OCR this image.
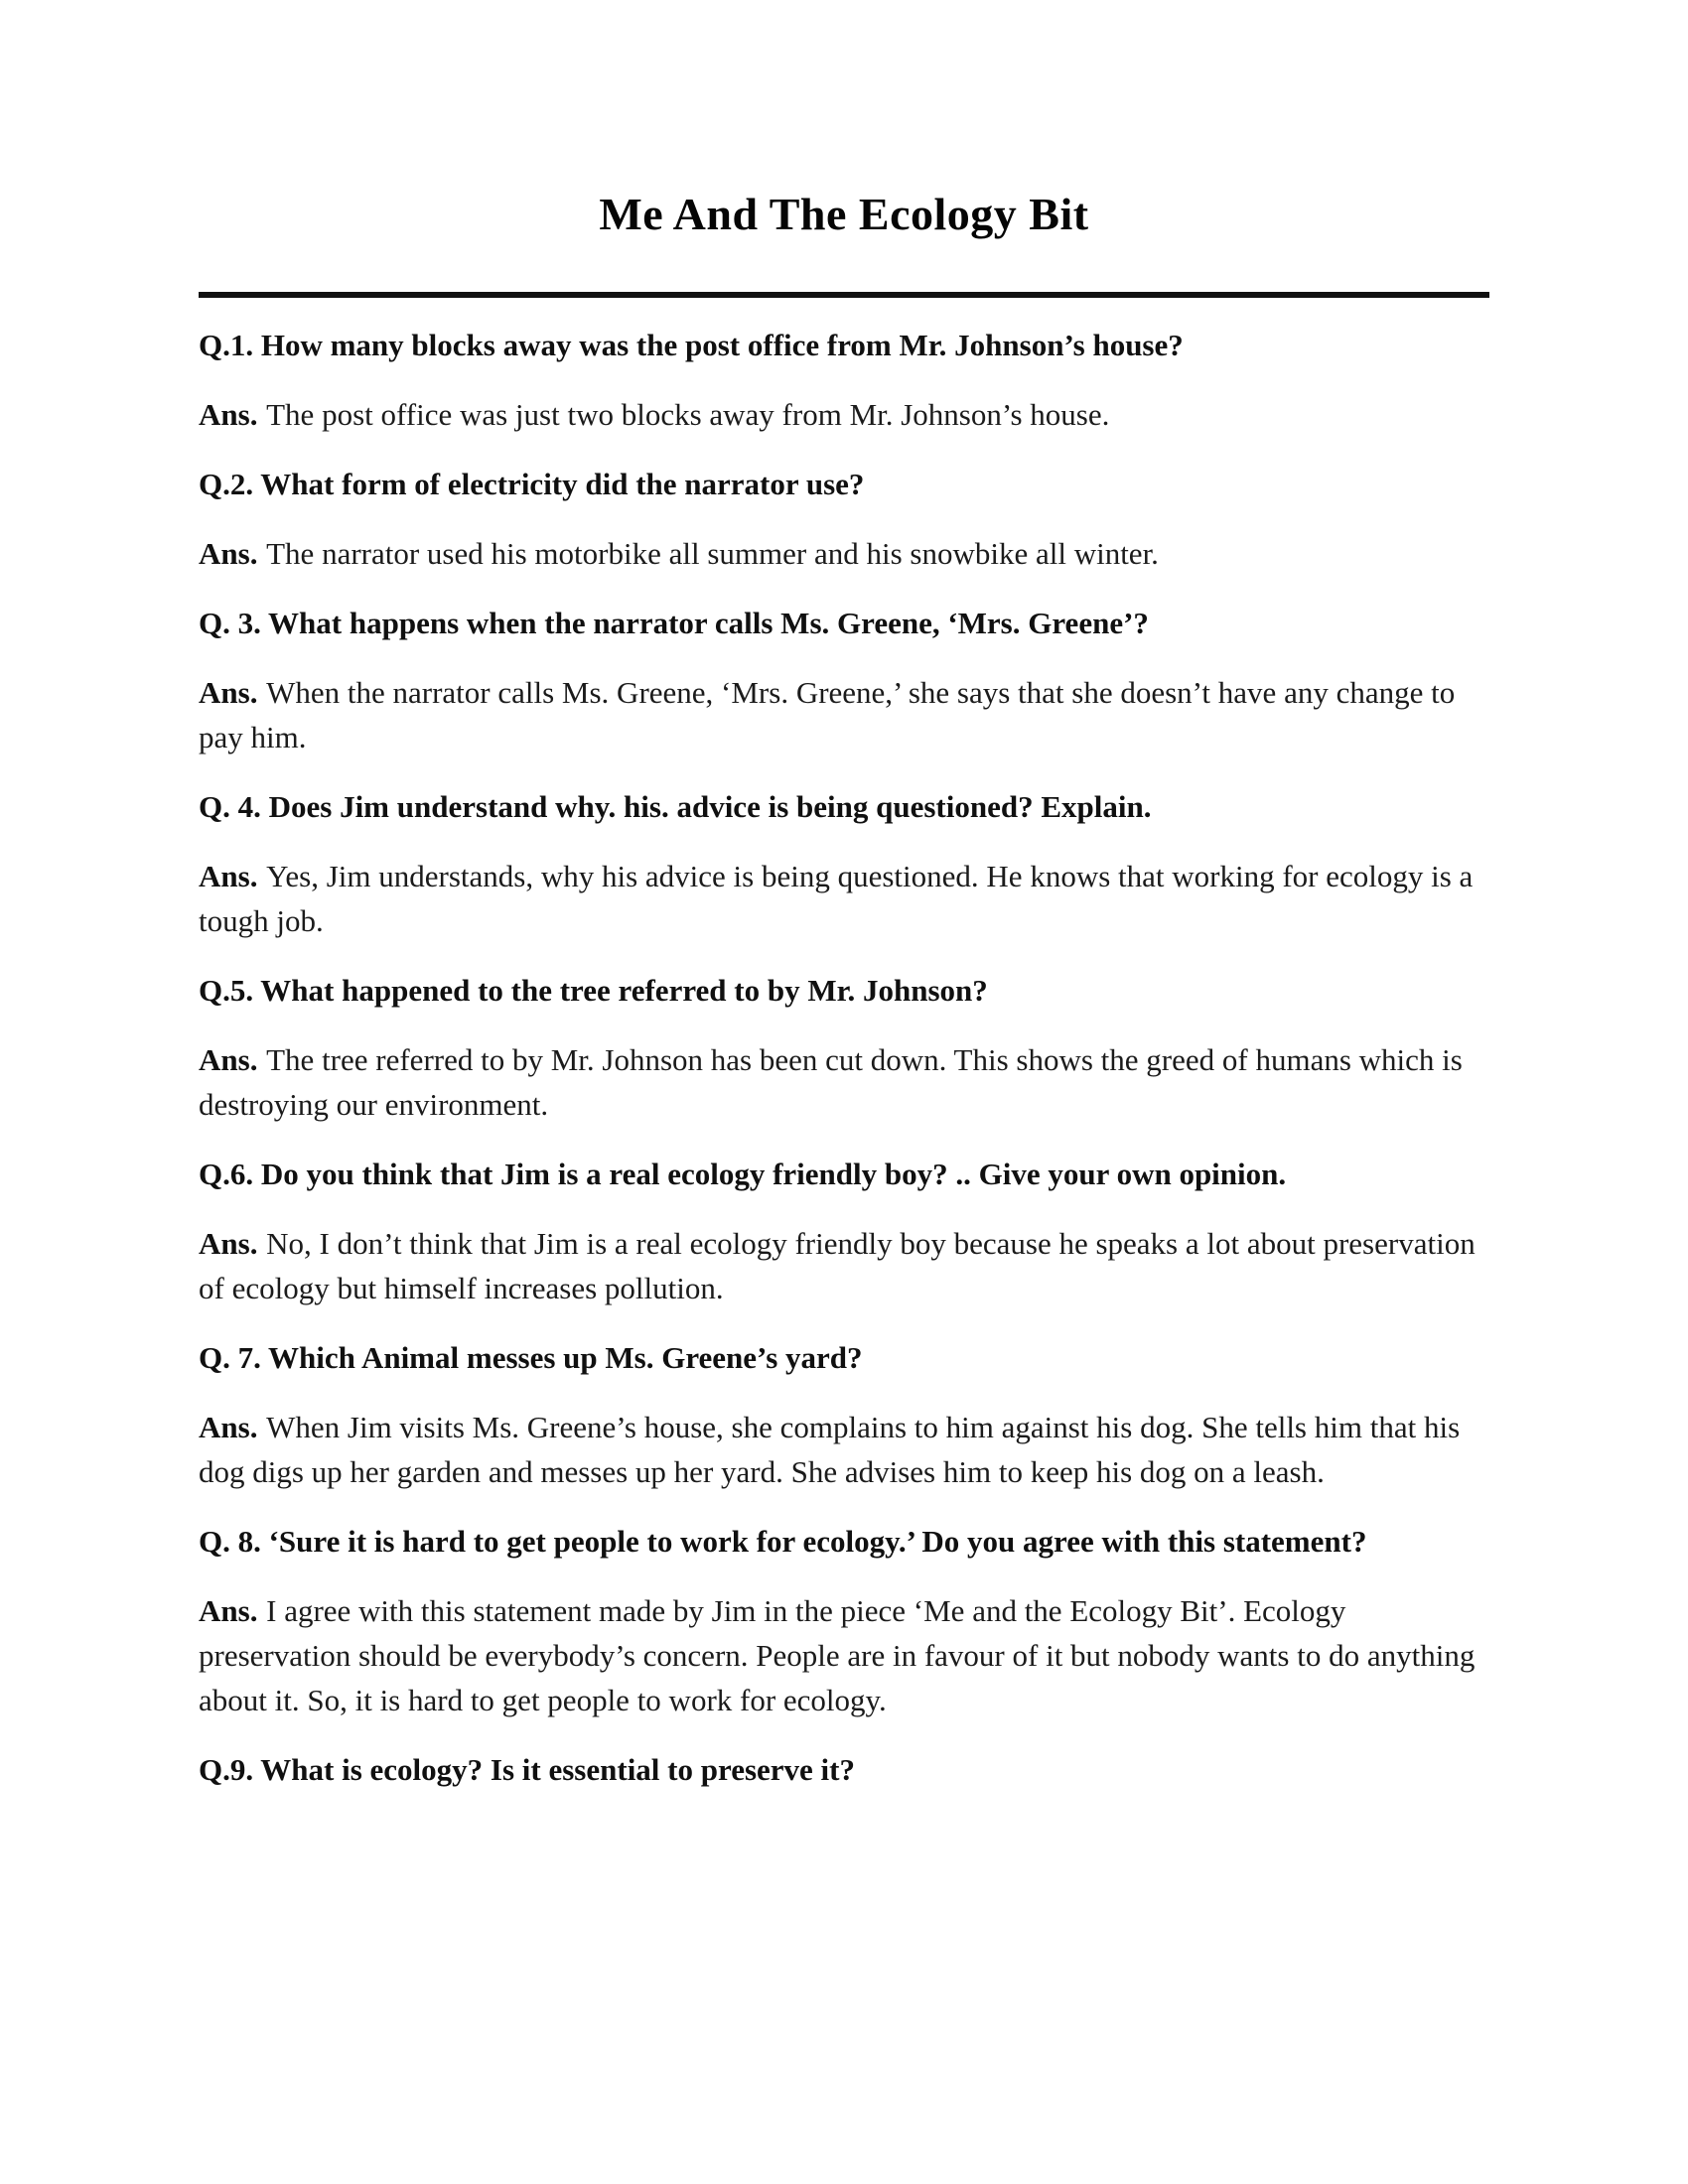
Me And The Ecology Bit

Q.1. How many blocks away was the post office from Mr. Johnson’s house?

Ans. The post office was just two blocks away from Mr. Johnson’s house.

Q.2. What form of electricity did the narrator use?

Ans. The narrator used his motorbike all summer and his snowbike all winter.

Q. 3. What happens when the narrator calls Ms. Greene, ‘Mrs. Greene’?

Ans. When the narrator calls Ms. Greene, ‘Mrs. Greene,’ she says that she doesn’t have any change to pay him.

Q. 4. Does Jim understand why. his. advice is being questioned? Explain.

Ans. Yes, Jim understands, why his advice is being questioned. He knows that working for ecology is a tough job.

Q.5. What happened to the tree referred to by Mr. Johnson?

Ans. The tree referred to by Mr. Johnson has been cut down. This shows the greed of humans which is destroying our environment.

Q.6. Do you think that Jim is a real ecology friendly boy? .. Give your own opinion.

Ans. No, I don’t think that Jim is a real ecology friendly boy because he speaks a lot about preservation of ecology but himself increases pollution.

Q. 7. Which Animal messes up Ms. Greene’s yard?

Ans. When Jim visits Ms. Greene’s house, she complains to him against his dog. She tells him that his dog digs up her garden and messes up her yard. She advises him to keep his dog on a leash.

Q. 8. ‘Sure it is hard to get people to work for ecology.’ Do you agree with this statement?

Ans. I agree with this statement made by Jim in the piece ‘Me and the Ecology Bit’. Ecology preservation should be everybody’s concern. People are in favour of it but nobody wants to do anything about it. So, it is hard to get people to work for ecology.

Q.9. What is ecology? Is it essential to preserve it?
